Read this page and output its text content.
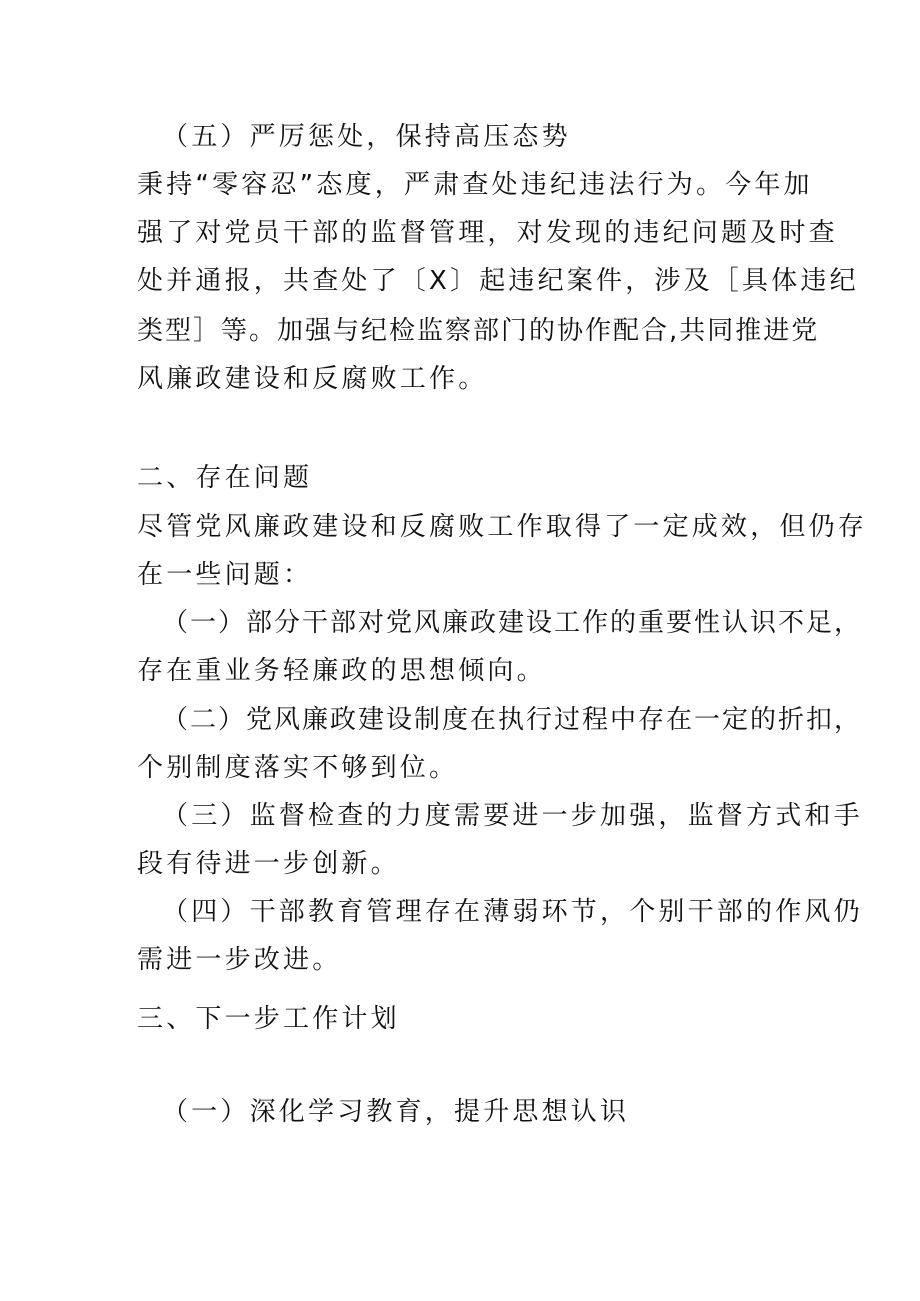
（五）严厉惩处，保持高压态势

秉持“零容忍”态度，严肃查处违纪违法行为。今年加

强了对党员干部的监督管理，对发现的违纪问题及时查

处并通报，共查处了〔X〕起违纪案件，涉及［具体违纪

类型］等。加强与纪检监察部门的协作配合,共同推进党

风廉政建设和反腐败工作。

二、存在问题

尽管党风廉政建设和反腐败工作取得了一定成效，但仍存

在一些问题：

（一）部分干部对党风廉政建设工作的重要性认识不足，

存在重业务轻廉政的思想倾向。

（二）党风廉政建设制度在执行过程中存在一定的折扣，

个别制度落实不够到位。

（三）监督检查的力度需要进一步加强，监督方式和手

段有待进一步创新。

（四）干部教育管理存在薄弱环节，个别干部的作风仍

需进一步改进。

三、下一步工作计划

（一）深化学习教育，提升思想认识
